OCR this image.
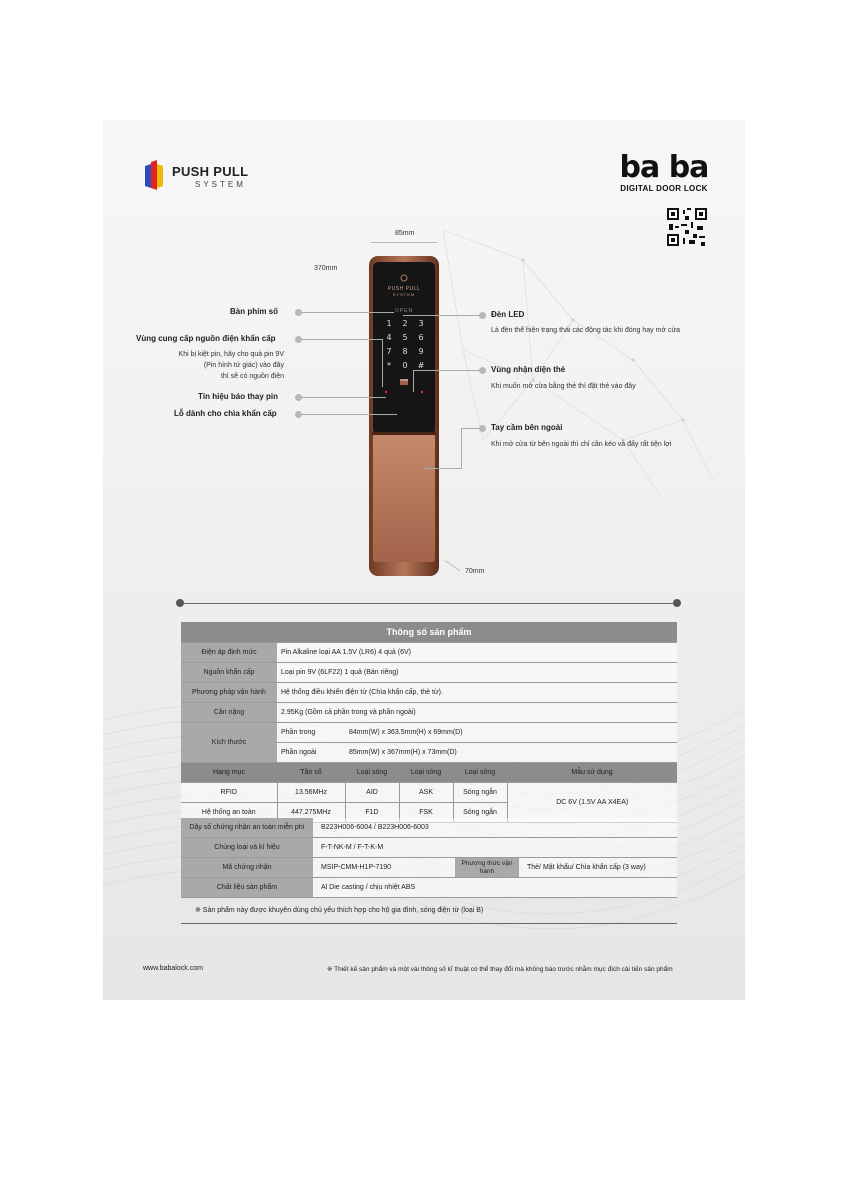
PUSH PULL
SYSTEM	ba ba
DIGITAL DOOR LOCK
85mm
370mm
70mm
PUSH PULL
SYSTEM
OPEN
1	2	3
4	5	6
7	8	9
*	0	#
CARD
Bàn phím số
Vùng cung cấp nguồn điện khẩn cấp
Khi bị kiệt pin, hãy cho quả pin 9V
(Pin hình tứ giác) vào đây
thì sẽ có nguồn điện
Tín hiệu báo thay pin
Lỗ dành cho chìa khẩn cấp
Đèn LED
Là đèn thể hiện trạng thái các động tác khi đóng hay mở cửa
Vùng nhận diện thẻ
Khi muốn mở cửa bằng thẻ thì đặt thẻ vào đây
Tay cầm bên ngoài
Khi mở cửa từ bên ngoài thì chỉ cần kéo và đẩy rất tiện lợi
Thông số sản phẩm					
Điện áp định mức	Pin Alkaline loại AA 1.5V (LR6) 4 quả (6V)				
Nguồn khẩn cấp	Loại pin 9V (6LF22) 1 quả (Bán riêng)				
Phương pháp vận hành	Hệ thống điều khiển điện tử (Chìa khẩn cấp, thẻ từ).				
Cân nặng	2.95Kg (Gồm cả phần trong và phần ngoài)				
Kích thước	Phần trong	84mm(W) x 363.5mm(H) x 69mm(D)			
	Phần ngoài	85mm(W) x 367mm(H) x 73mm(D)			
Hạng mục	Tần số	Loại sóng	Loại sóng	Loại sóng	Mẫu sử dụng
RFID	13.56MHz	AID	ASK	Sóng ngắn	DC 6V (1.5V AA X4EA)
Hệ thống an toàn	447.275MHz	F1D	FSK	Sóng ngắn	
Dãy số chứng nhận an toàn miễn phí	B223H006-6004 / B223H006-6003		
Chủng loại và kí hiệu	F-T-NK-M / F-T-K-M		
Mã chứng nhận	MSIP-CMM-H1P-7190	Phương thức vận hành	Thẻ/ Mật khẩu/ Chìa khẩn cấp (3 way)
Chất liệu sản phẩm	Al Die casting / chịu nhiệt ABS		
※ Sản phẩm này được khuyên dùng chủ yếu thích hợp cho hộ gia đình, sóng điện từ (loại B)
www.babalock.com	※ Thiết kế sản phẩm và một vài thông số kĩ thuật có thể thay đổi mà không báo trước nhằm mục đích cải tiến sản phẩm
